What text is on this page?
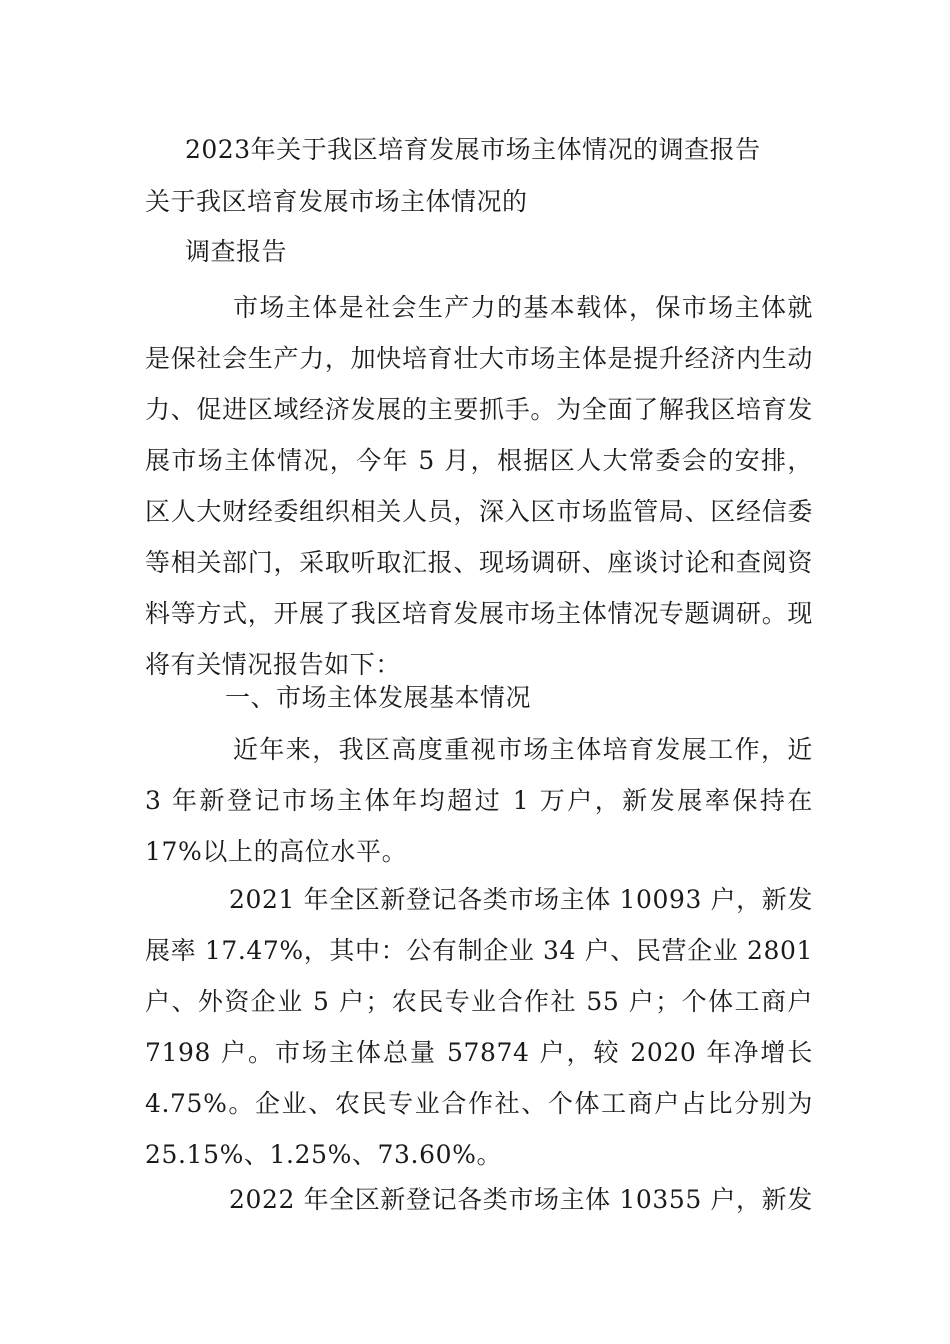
2023年关于我区培育发展市场主体情况的调查报告
关于我区培育发展市场主体情况的
调查报告
市场主体是社会生产力的基本载体，保市场主体就是保社会生产力，加快培育壮大市场主体是提升经济内生动力、促进区域经济发展的主要抓手。为全面了解我区培育发展市场主体情况，今年 5 月，根据区人大常委会的安排，区人大财经委组织相关人员，深入区市场监管局、区经信委等相关部门，采取听取汇报、现场调研、座谈讨论和查阅资料等方式，开展了我区培育发展市场主体情况专题调研。现将有关情况报告如下：
一、市场主体发展基本情况
近年来，我区高度重视市场主体培育发展工作，近 3 年新登记市场主体年均超过 1 万户，新发展率保持在 17%以上的高位水平。
2021 年全区新登记各类市场主体 10093 户，新发展率 17.47%，其中：公有制企业 34 户、民营企业 2801 户、外资企业 5 户；农民专业合作社 55 户；个体工商户 7198 户。市场主体总量 57874 户，较 2020 年净增长 4.75%。企业、农民专业合作社、个体工商户占比分别为 25.15%、1.25%、73.60%。
2022 年全区新登记各类市场主体 10355 户，新发
